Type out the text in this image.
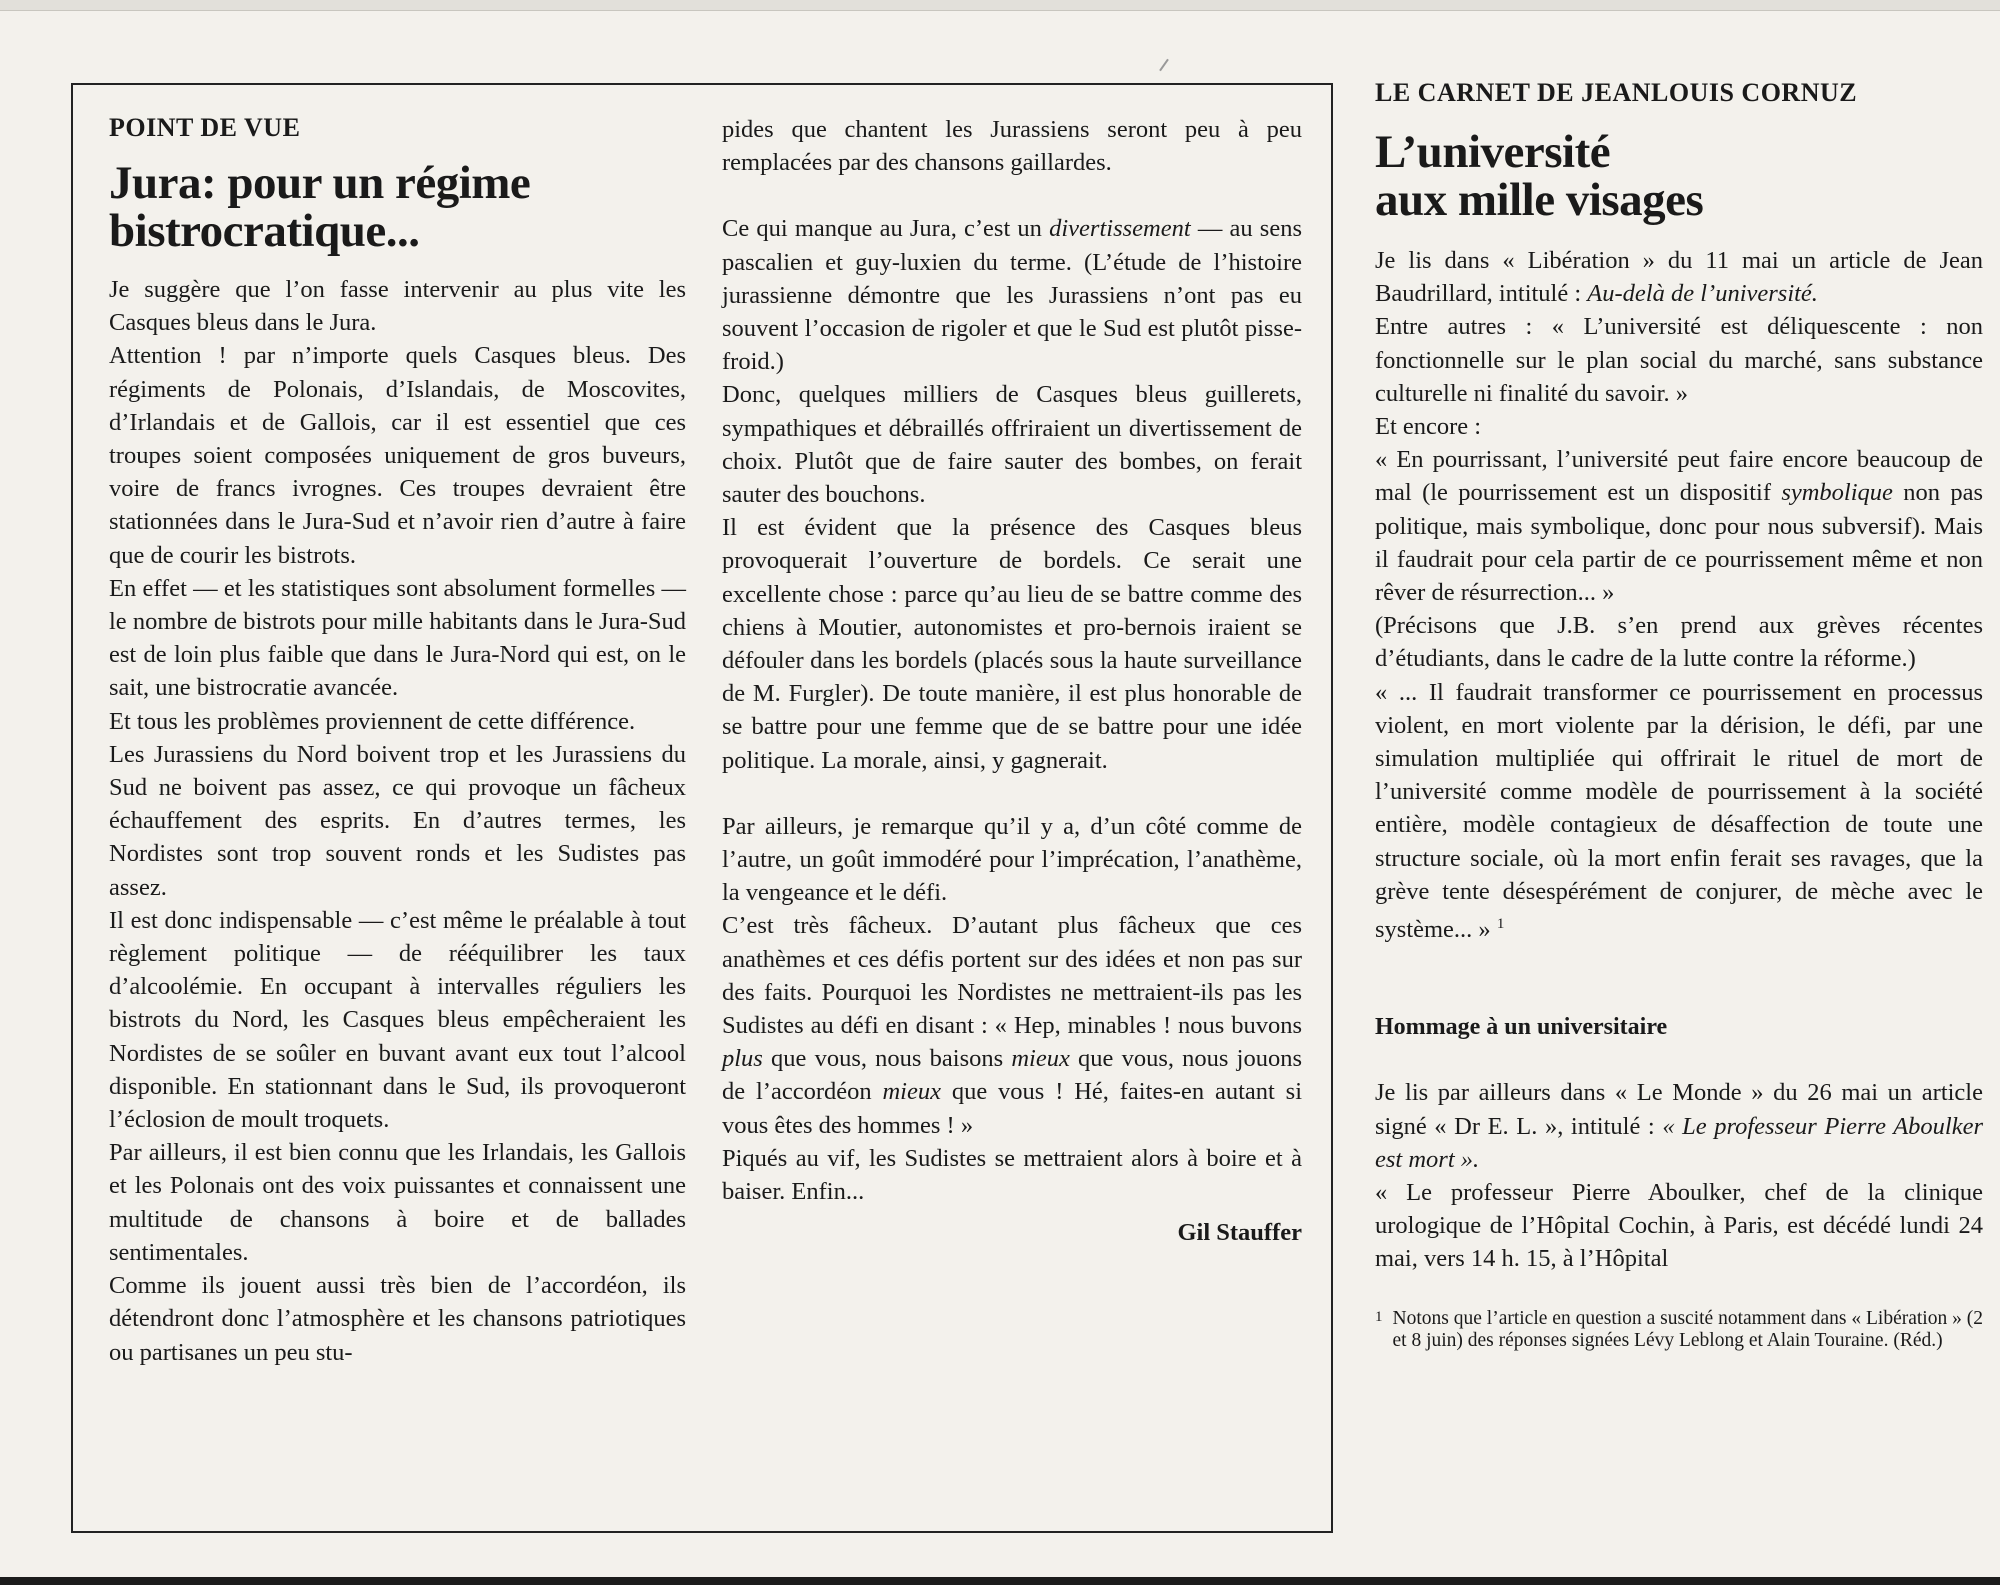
POINT DE VUE
Jura: pour un régime
bistrocratique...

Je suggère que l’on fasse intervenir au plus vite les Casques bleus dans le Jura.

Attention ! par n’importe quels Casques bleus. Des régiments de Polonais, d’Islandais, de Moscovites, d’Irlandais et de Gallois, car il est essentiel que ces troupes soient composées uniquement de gros buveurs, voire de francs ivrognes. Ces troupes devraient être stationnées dans le Jura-Sud et n’avoir rien d’autre à faire que de courir les bistrots.

En effet — et les statistiques sont absolument formelles — le nombre de bistrots pour mille habitants dans le Jura-Sud est de loin plus faible que dans le Jura-Nord qui est, on le sait, une bistrocratie avancée.

Et tous les problèmes proviennent de cette différence.

Les Jurassiens du Nord boivent trop et les Jurassiens du Sud ne boivent pas assez, ce qui provoque un fâcheux échauffement des esprits. En d’autres termes, les Nordistes sont trop souvent ronds et les Sudistes pas assez.

Il est donc indispensable — c’est même le préalable à tout règlement politique — de rééquilibrer les taux d’alcoolémie. En occupant à intervalles réguliers les bistrots du Nord, les Casques bleus empêcheraient les Nordistes de se soûler en buvant avant eux tout l’alcool disponible. En stationnant dans le Sud, ils provoqueront l’éclosion de moult troquets.

Par ailleurs, il est bien connu que les Irlandais, les Gallois et les Polonais ont des voix puissantes et connaissent une multitude de chansons à boire et de ballades sentimentales.

Comme ils jouent aussi très bien de l’accordéon, ils détendront donc l’atmosphère et les chansons patriotiques ou partisanes un peu stu-

pides que chantent les Jurassiens seront peu à peu remplacées par des chansons gaillardes.

Ce qui manque au Jura, c’est un divertissement — au sens pascalien et guy-luxien du terme. (L’étude de l’histoire jurassienne démontre que les Jurassiens n’ont pas eu souvent l’occasion de rigoler et que le Sud est plutôt pisse-froid.)

Donc, quelques milliers de Casques bleus guillerets, sympathiques et débraillés offriraient un divertissement de choix. Plutôt que de faire sauter des bombes, on ferait sauter des bouchons.

Il est évident que la présence des Casques bleus provoquerait l’ouverture de bordels. Ce serait une excellente chose : parce qu’au lieu de se battre comme des chiens à Moutier, autonomistes et pro-bernois iraient se défouler dans les bordels (placés sous la haute surveillance de M. Furgler). De toute manière, il est plus honorable de se battre pour une femme que de se battre pour une idée politique. La morale, ainsi, y gagnerait.

Par ailleurs, je remarque qu’il y a, d’un côté comme de l’autre, un goût immodéré pour l’imprécation, l’anathème, la vengeance et le défi.

C’est très fâcheux. D’autant plus fâcheux que ces anathèmes et ces défis portent sur des idées et non pas sur des faits. Pourquoi les Nordistes ne mettraient-ils pas les Sudistes au défi en disant : « Hep, minables ! nous buvons plus que vous, nous baisons mieux que vous, nous jouons de l’accordéon mieux que vous ! Hé, faites-en autant si vous êtes des hommes ! »

Piqués au vif, les Sudistes se mettraient alors à boire et à baiser. Enfin...

Gil Stauffer
LE CARNET DE JEANLOUIS CORNUZ
L’université
aux mille visages

Je lis dans « Libération » du 11 mai un article de Jean Baudrillard, intitulé : Au-delà de l’université.

Entre autres : « L’université est déliquescente : non fonctionnelle sur le plan social du marché, sans substance culturelle ni finalité du savoir. »

Et encore :

« En pourrissant, l’université peut faire encore beaucoup de mal (le pourrissement est un dispositif symbolique non pas politique, mais symbolique, donc pour nous subversif). Mais il faudrait pour cela partir de ce pourrissement même et non rêver de résurrection... »

(Précisons que J.B. s’en prend aux grèves récentes d’étudiants, dans le cadre de la lutte contre la réforme.)

« ... Il faudrait transformer ce pourrissement en processus violent, en mort violente par la dérision, le défi, par une simulation multipliée qui offrirait le rituel de mort de l’université comme modèle de pourrissement à la société entière, modèle contagieux de désaffection de toute une structure sociale, où la mort enfin ferait ses ravages, que la grève tente désespérément de conjurer, de mèche avec le système... » $^1$

Hommage à un universitaire

Je lis par ailleurs dans « Le Monde » du 26 mai un article signé « Dr E. L. », intitulé : « Le professeur Pierre Aboulker est mort ».

« Le professeur Pierre Aboulker, chef de la clinique urologique de l’Hôpital Cochin, à Paris, est décédé lundi 24 mai, vers 14 h. 15, à l’Hôpital

1 Notons que l’article en question a suscité notamment dans « Libération » (2 et 8 juin) des réponses signées Lévy Leblong et Alain Touraine. (Réd.)
